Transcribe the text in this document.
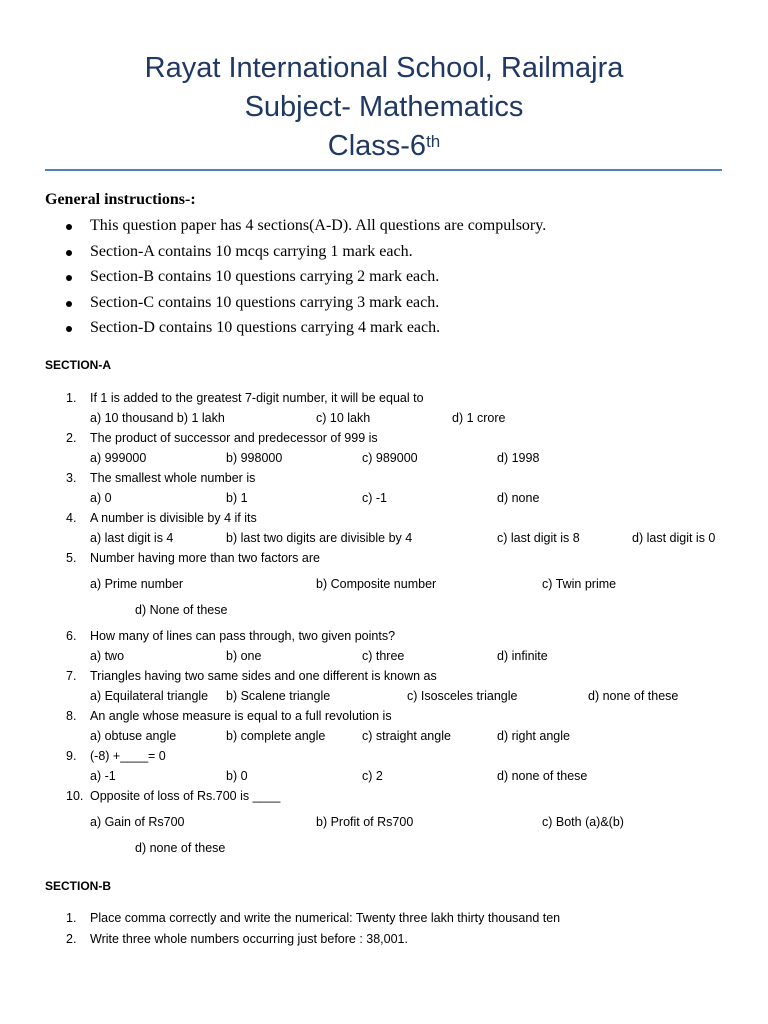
Rayat International School, Railmajra
Subject- Mathematics
Class-6th
General instructions-:
This question paper has 4 sections(A-D). All questions are compulsory.
Section-A contains 10 mcqs carrying 1 mark each.
Section-B contains 10 questions carrying 2 mark each.
Section-C contains 10 questions carrying 3 mark each.
Section-D contains 10 questions carrying 4 mark each.
SECTION-A
1. If 1 is added to the greatest 7-digit number, it will be equal to
a) 10 thousand b) 1 lakh	c) 10 lakh	d) 1 crore
2. The product of successor and predecessor of 999 is
a) 999000	b) 998000	c) 989000	d) 1998
3. The smallest whole number is
a) 0	b) 1	c) -1	d) none
4. A number is divisible by 4 if its
a) last digit is 4	b) last two digits are divisible by 4	c) last digit is 8	d) last digit is 0
5. Number having more than two factors are
a) Prime number	b) Composite number	c) Twin prime
d) None of these
6. How many of lines can pass through, two given points?
a) two	b) one	c) three	d) infinite
7. Triangles having two same sides and one different is known as
a) Equilateral triangle b) Scalene triangle	c) Isosceles triangle	d) none of these
8. An angle whose measure is equal to a full revolution is
a) obtuse angle	b) complete angle	c) straight angle	d) right angle
9. (-8) +____= 0
a) -1	b) 0	c) 2	d) none of these
10. Opposite of loss of Rs.700 is ____
a) Gain of Rs700	b) Profit of Rs700	c) Both (a)&(b)
d) none of these
SECTION-B
1. Place comma correctly and write the numerical: Twenty three lakh thirty thousand ten
2. Write three whole numbers occurring just before : 38,001.
